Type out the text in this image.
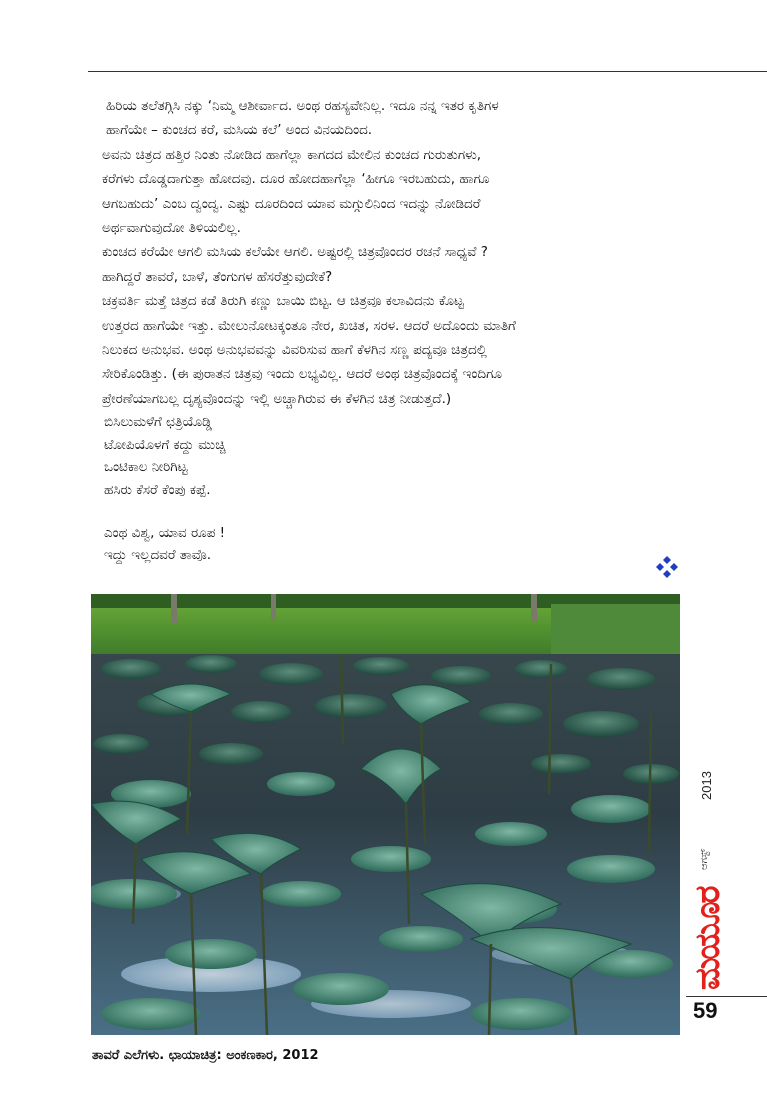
ಹಿರಿಯ ತಲೆತಗ್ಗಿಸಿ ನಕ್ಕು ‘ನಿಮ್ಮ ಆಶೀರ್ವಾದ. ಅಂಥ ರಹಸ್ಯವೇನಿಲ್ಲ. ಇದೂ ನನ್ನ ಇತರ ಕೃತಿಗಳ
ಹಾಗೆಯೇ – ಕುಂಚದ ಕರೆ, ಮಸಿಯ ಕಲೆ’ ಅಂದ ವಿನಯದಿಂದ.

ಅವನು ಚಿತ್ರದ ಹತ್ತಿರ ನಿಂತು ನೋಡಿದ ಹಾಗೆಲ್ಲಾ ಕಾಗದದ ಮೇಲಿನ ಕುಂಚದ ಗುರುತುಗಳು,
ಕರೆಗಳು ದೊಡ್ಡದಾಗುತ್ತಾ ಹೋದವು. ದೂರ ಹೋದಹಾಗೆಲ್ಲಾ ‘ಹೀಗೂ ಇರಬಹುದು, ಹಾಗೂ
ಆಗಬಹುದು’ ಎಂಬ ದ್ವಂದ್ವ. ಎಷ್ಟು ದೂರದಿಂದ ಯಾವ ಮಗ್ಗುಲಿನಿಂದ ಇದನ್ನು ನೋಡಿದರೆ
ಅರ್ಥವಾಗುವುದೋ ತಿಳಿಯಲಿಲ್ಲ.

ಕುಂಚದ ಕರೆಯೇ ಆಗಲಿ ಮಸಿಯ ಕಲೆಯೇ ಆಗಲಿ. ಅಷ್ಟರಲ್ಲಿ ಚಿತ್ರವೊಂದರ ರಚನೆ ಸಾಧ್ಯವೆ ?
ಹಾಗಿದ್ದರೆ ತಾವರೆ, ಬಾಳೆ, ತೆಂಗುಗಳ ಹೆಸರೆತ್ತುವುದೇಕೆ?

ಚಕ್ರವರ್ತಿ ಮತ್ತೆ ಚಿತ್ರದ ಕಡೆ ತಿರುಗಿ ಕಣ್ಣು ಬಾಯಿ ಬಿಟ್ಟ. ಆ ಚಿತ್ರವೂ ಕಲಾವಿದನು ಕೊಟ್ಟ
ಉತ್ತರದ ಹಾಗೆಯೇ ಇತ್ತು. ಮೇಲುನೋಟಕ್ಕಂತೂ ನೇರ, ಖಚಿತ, ಸರಳ. ಆದರೆ ಅದೊಂದು ಮಾತಿಗೆ
ನಿಲುಕದ ಅನುಭವ. ಅಂಥ ಅನುಭವವನ್ನು ವಿವರಿಸುವ ಹಾಗೆ ಕೆಳಗಿನ ಸಣ್ಣ ಪದ್ಯವೂ ಚಿತ್ರದಲ್ಲಿ
ಸೇರಿಕೊಂಡಿತ್ತು. (ಈ ಪುರಾತನ ಚಿತ್ರವು ಇಂದು ಲಭ್ಯವಿಲ್ಲ. ಆದರೆ ಅಂಥ ಚಿತ್ರವೊಂದಕ್ಕೆ ಇಂದಿಗೂ
ಪ್ರೇರಣೆಯಾಗಬಲ್ಲ ದೃಶ್ಯವೊಂದನ್ನು ಇಲ್ಲಿ ಅಚ್ಚಾಗಿರುವ ಈ ಕೆಳಗಿನ ಚಿತ್ರ ನೀಡುತ್ತದೆ.)

ಬಿಸಿಲುಮಳೆಗೆ ಛತ್ರಿಯೊಡ್ಡಿ
ಟೋಪಿಯೊಳಗೆ ಕದ್ದು ಮುಚ್ಚಿ
ಒಂಟಿಕಾಲ ನೀರಿಗಿಟ್ಟ
ಹಸಿರು ಕೆಸರೆ ಕೆಂಪು ಕಪ್ಪೆ.
ಎಂಥ ವಿಶ್ವ, ಯಾವ ರೂಪ !
ಇದ್ದು ಇಲ್ಲದವರೆ ತಾವೊ.
2013
ಆಗಸ್ಟ್
ಮಯೂರ
59
ತಾವರೆ ಎಲೆಗಳು. ಛಾಯಾಚಿತ್ರ: ಅಂಕಣಕಾರ, 2012
